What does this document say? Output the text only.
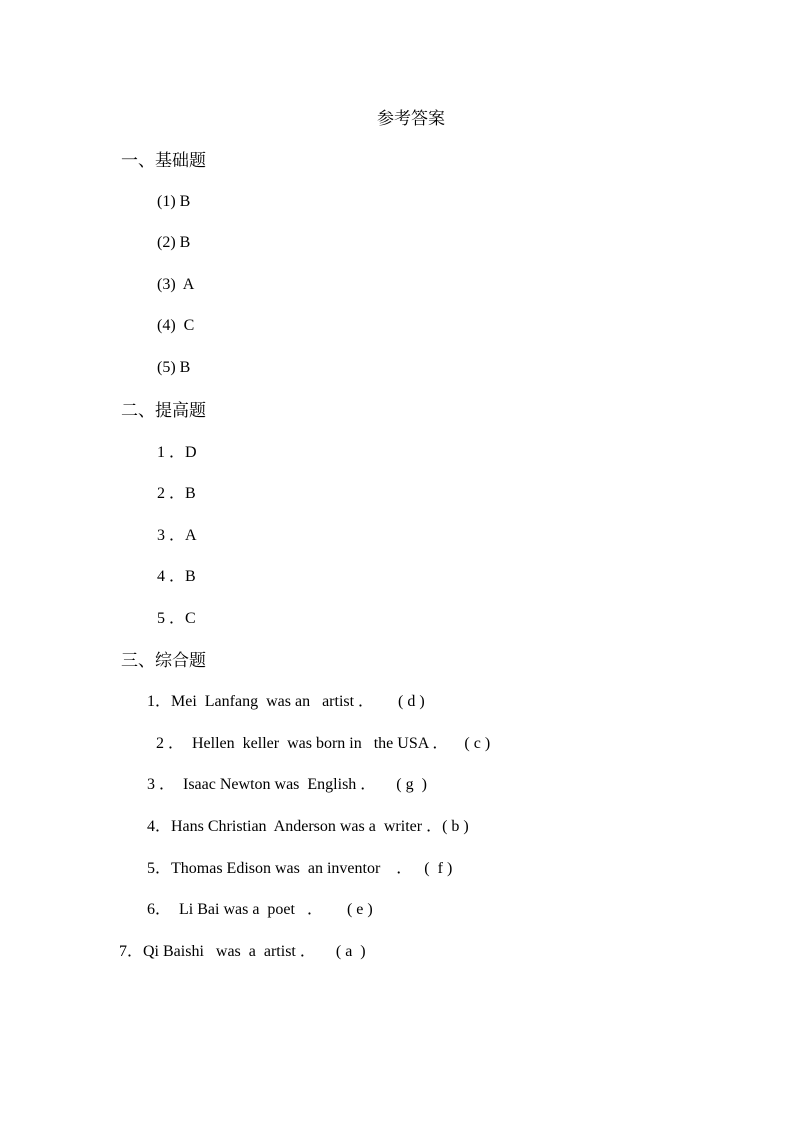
参考答案
一、基础题
(1) B
(2) B
(3)  A
(4)  C
(5) B
二、提高题
1 ．D
2 ．B
3 ．A
4 ．B
5 ．C
三、综合题
1．Mei  Lanfang  was an   artist ．      ( d )
2 ．  Hellen  keller  was born in   the USA ．    ( c )
3 ．  Isaac Newton was  English ．     ( g  )
4．Hans Christian  Anderson was a  writer ．( b )
5．Thomas Edison was  an inventor    ．   (  f )
6．  Li Bai was a  poet   ．      ( e )
7．Qi Baishi   was  a  artist ．     ( a  )
